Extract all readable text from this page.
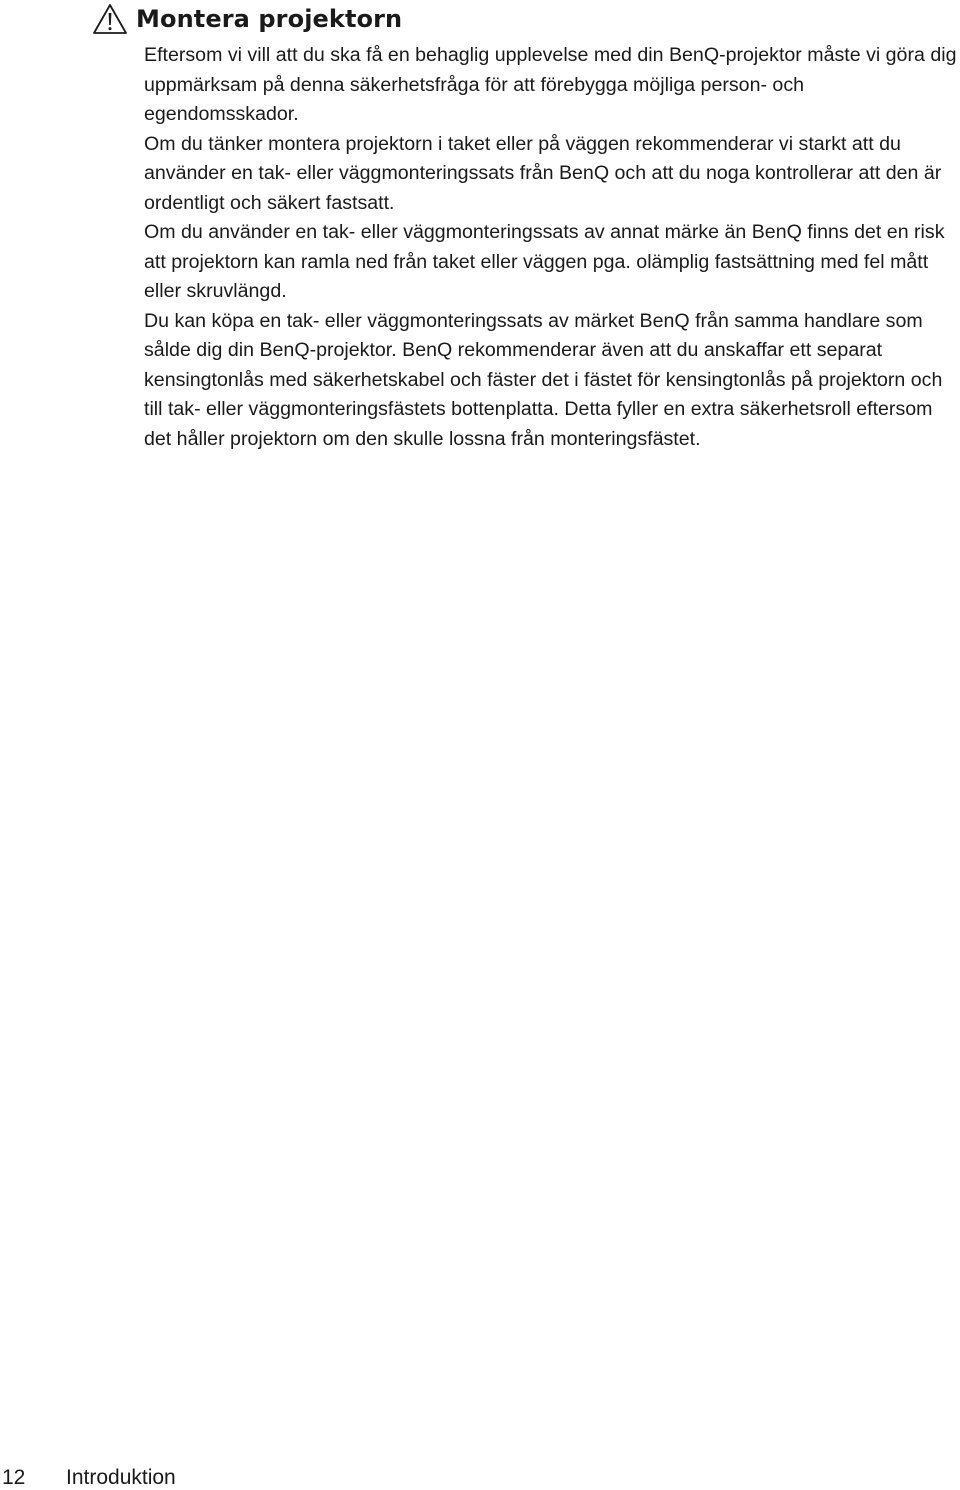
Montera projektorn

Eftersom vi vill att du ska få en behaglig upplevelse med din BenQ-projektor måste vi göra dig uppmärksam på denna säkerhetsfråga för att förebygga möjliga person- och egendomsskador.

Om du tänker montera projektorn i taket eller på väggen rekommenderar vi starkt att du använder en tak- eller väggmonteringssats från BenQ och att du noga kontrollerar att den är ordentligt och säkert fastsatt.

Om du använder en tak- eller väggmonteringssats av annat märke än BenQ finns det en risk att projektorn kan ramla ned från taket eller väggen pga. olämplig fastsättning med fel mått eller skruvlängd.

Du kan köpa en tak- eller väggmonteringssats av märket BenQ från samma handlare som sålde dig din BenQ-projektor. BenQ rekommenderar även att du anskaffar ett separat kensingtonlås med säkerhetskabel och fäster det i fästet för kensingtonlås på projektorn och till tak- eller väggmonteringsfästets bottenplatta. Detta fyller en extra säkerhetsroll eftersom det håller projektorn om den skulle lossna från monteringsfästet.

12 Introduktion
